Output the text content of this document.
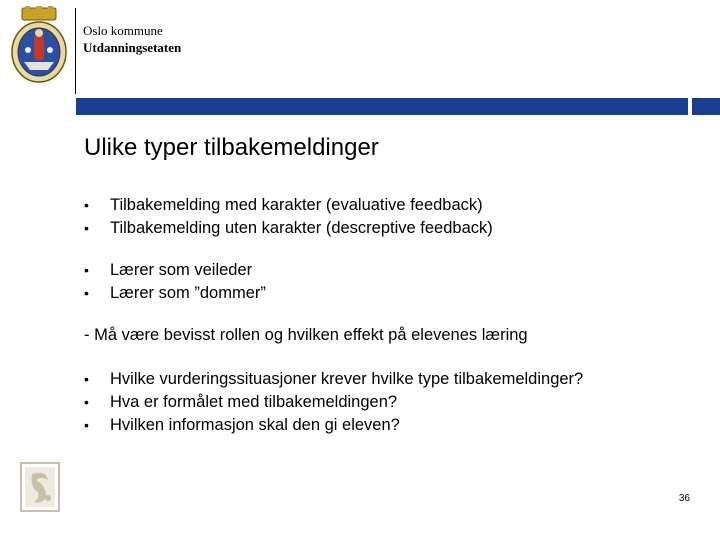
Oslo kommune
Utdanningsetaten
Ulike typer tilbakemeldinger
• Tilbakemelding med karakter (evaluative feedback)
• Tilbakemelding uten karakter (descreptive feedback)
• Lærer som veileder
• Lærer som ”dommer”
- Må være bevisst rollen og hvilken effekt på elevenes læring
• Hvilke vurderingssituasjoner krever hvilke type tilbakemeldinger?
• Hva er formålet med tilbakemeldingen?
• Hvilken informasjon skal den gi eleven?
36
